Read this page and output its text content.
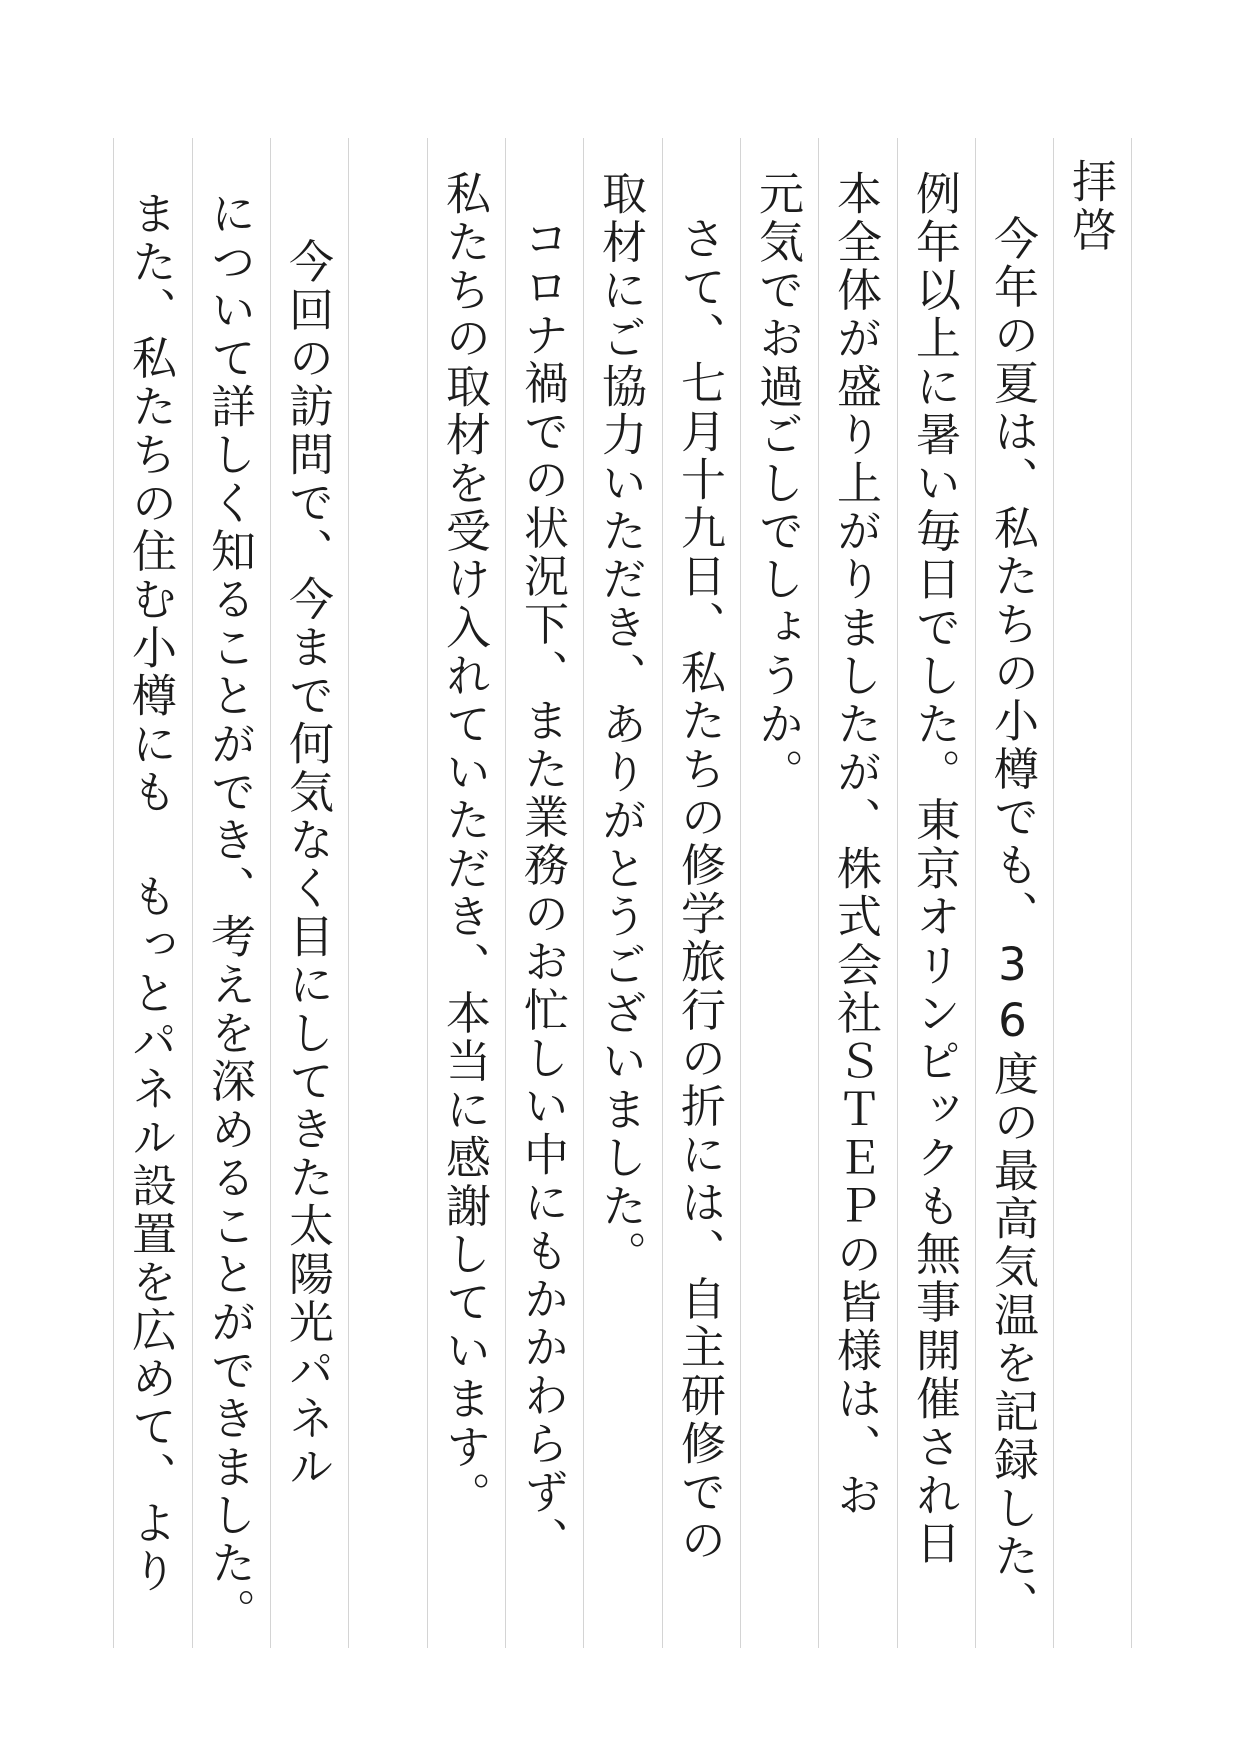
拝啓
今年の夏は、私たちの小樽でも、36度の最高気温を記録した、
例年以上に暑い毎日でした。東京オリンピックも無事開催され日
本全体が盛り上がりましたが、株式会社ＳＴＥＰの皆様は、お
元気でお過ごしでしょうか。
さて、七月十九日、私たちの修学旅行の折には、自主研修での
取材にご協力いただき、ありがとうございました。
コロナ禍での状況下、また業務のお忙しい中にもかかわらず、
私たちの取材を受け入れていただき、本当に感謝しています。
今回の訪問で、今まで何気なく目にしてきた太陽光パネル
について詳しく知ることができ、考えを深めることができました。
また、私たちの住む小樽にも もっとパネル設置を広めて、より
